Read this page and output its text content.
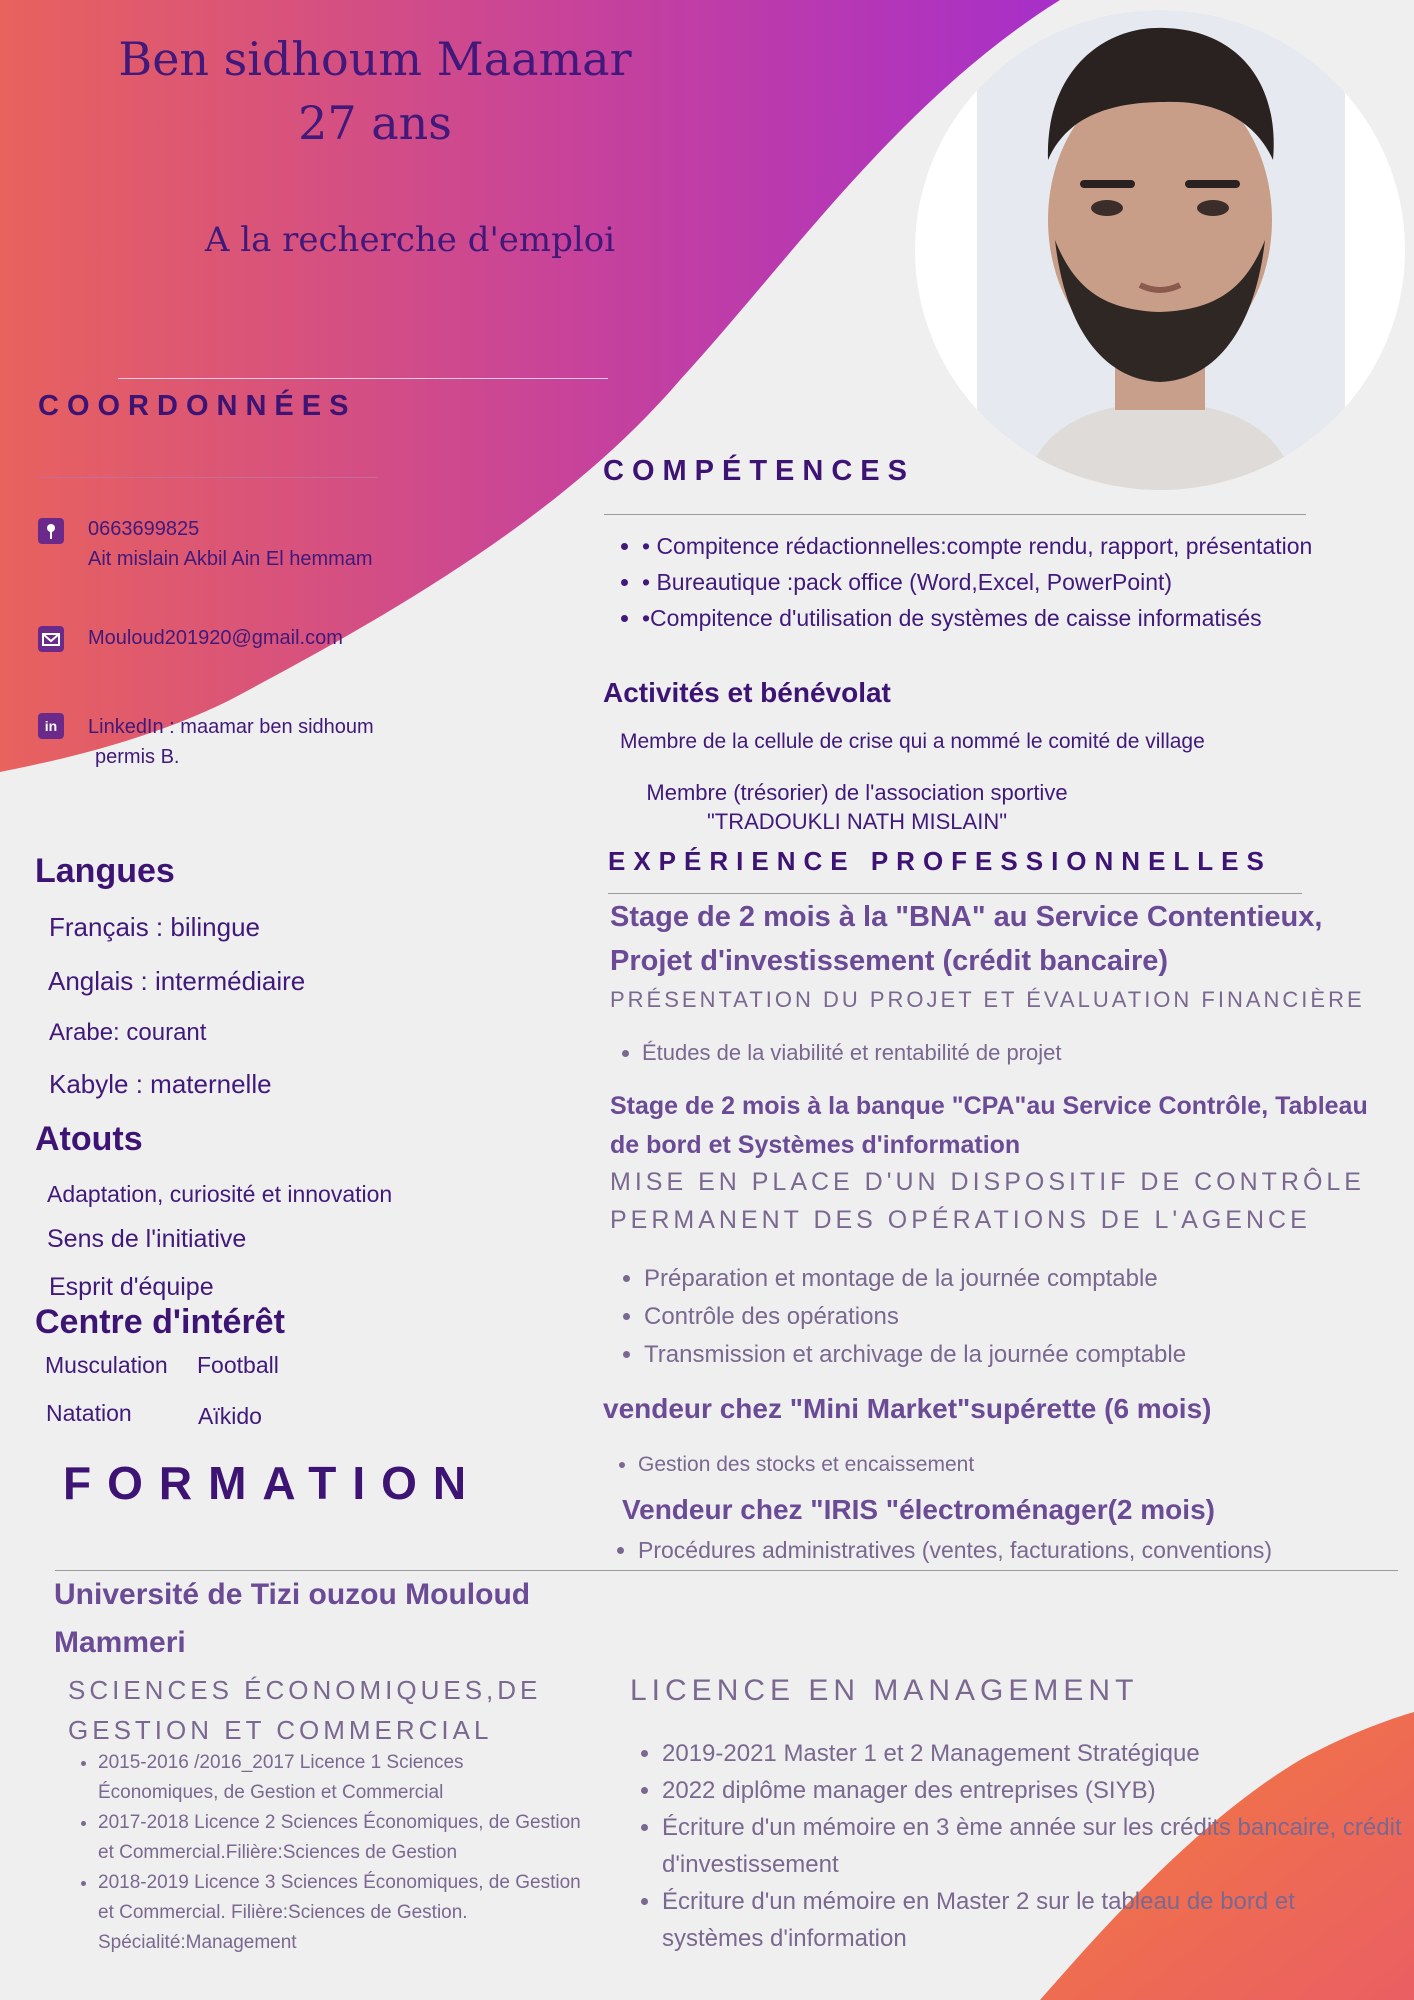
Ben sidhoum Maamar
27 ans
A la recherche d'emploi
COORDONNÉES
0663699825
Ait mislain Akbil Ain El hemmam
Mouloud201920@gmail.com
in	LinkedIn : maamar ben sidhoum
permis B.
Langues
Français : bilingue
Anglais : intermédiaire
Arabe: courant
Kabyle : maternelle
Atouts
Adaptation, curiosité et innovation
Sens de l'initiative
Esprit d'équipe
Centre d'intérêt
Musculation Football
Natation	Aïkido
FORMATION
COMPÉTENCES
• • Compitence rédactionnelles:compte rendu, rapport, présentation
• • Bureautique :pack office (Word,Excel, PowerPoint)
• •Compitence d'utilisation de systèmes de caisse informatisés
Activités et bénévolat
Membre de la cellule de crise qui a nommé le comité de village
Membre (trésorier) de l'association sportive "TRADOUKLI NATH MISLAIN"
EXPÉRIENCE PROFESSIONNELLES
Stage de 2 mois à la "BNA" au Service Contentieux, Projet d'investissement (crédit bancaire)
PRÉSENTATION DU PROJET ET ÉVALUATION FINANCIÈRE
• Études de la viabilité et rentabilité de projet
Stage de 2 mois à la banque "CPA"au Service Contrôle, Tableau de bord et Systèmes d'information
MISE EN PLACE D'UN DISPOSITIF DE CONTRÔLE PERMANENT DES OPÉRATIONS DE L'AGENCE
• Préparation et montage de la journée comptable
• Contrôle des opérations
• Transmission et archivage de la journée comptable
vendeur chez "Mini Market"supérette (6 mois)
• Gestion des stocks et encaissement
Vendeur chez "IRIS "électroménager(2 mois)
• Procédures administratives (ventes, facturations, conventions)
Université de Tizi ouzou Mouloud Mammeri
SCIENCES ÉCONOMIQUES,DE GESTION ET COMMERCIAL
• 2015-2016 /2016_2017 Licence 1 Sciences Économiques, de Gestion et Commercial
• 2017-2018 Licence 2 Sciences Économiques, de Gestion et Commercial.Filière:Sciences de Gestion
• 2018-2019 Licence 3 Sciences Économiques, de Gestion et Commercial. Filière:Sciences de Gestion. Spécialité:Management
LICENCE EN MANAGEMENT
• 2019-2021 Master 1 et 2 Management Stratégique
• 2022 diplôme manager des entreprises (SIYB)
• Écriture d'un mémoire en 3 ème année sur les crédits bancaire, crédit d'investissement
• Écriture d'un mémoire en Master 2 sur le tableau de bord et systèmes d'information
